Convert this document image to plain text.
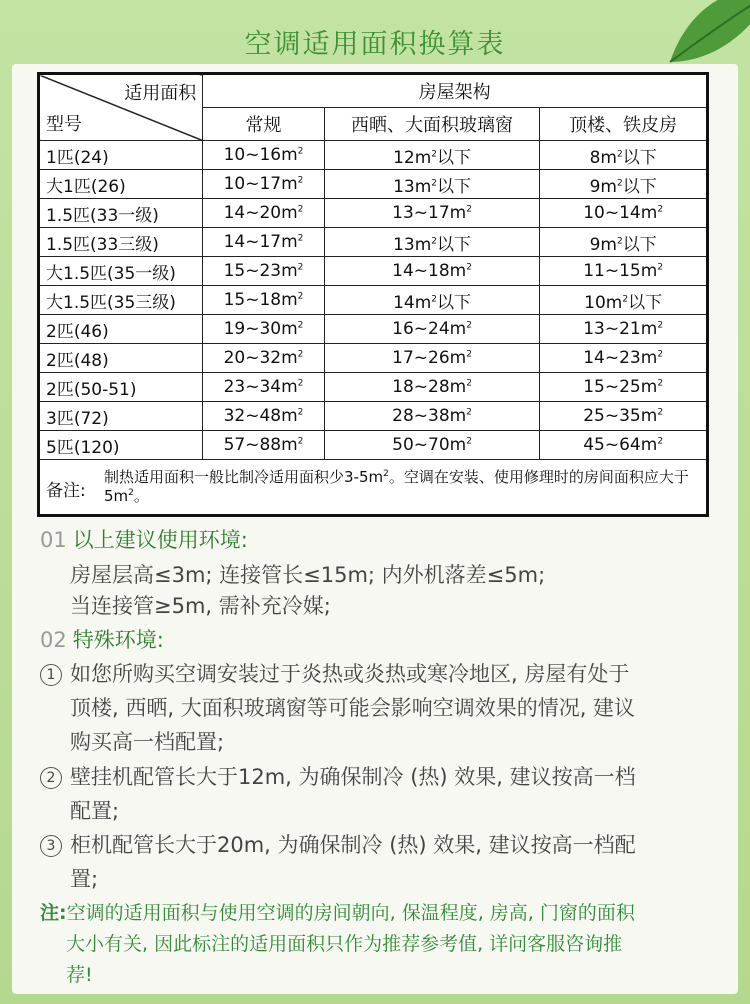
空调适用面积换算表
适用面积
型号	房屋架构		
	常规	西晒、大面积玻璃窗	顶楼、铁皮房
1匹(24)	$10\sim 16m^2$	$12m^2$以下	$8m^2$以下
大1匹(26)	$10\sim 17m^2$	$13m^2$以下	$9m^2$以下
1.5匹(33一级)	$14\sim 20m^2$	$13\sim 17m^2$	$10\sim 14m^2$
1.5匹(33三级)	$14\sim 17m^2$	$13m^2$以下	$9m^2$以下
大1.5匹(35一级)	$15\sim 23m^2$	$14\sim 18m^2$	$11\sim 15m^2$
大1.5匹(35三级)	$15\sim 18m^2$	$14m^2$以下	$10m^2$以下
2匹(46)	$19\sim 30m^2$	$16\sim 24m^2$	$13\sim 21m^2$
2匹(48)	$20\sim 32m^2$	$17\sim 26m^2$	$14\sim 23m^2$
2匹(50-51)	$23\sim 34m^2$	$18\sim 28m^2$	$15\sim 25m^2$
3匹(72)	$32\sim 48m^2$	$28\sim 38m^2$	$25\sim 35m^2$
5匹(120)	$57\sim 88m^2$	$50\sim 70m^2$	$45\sim 64m^2$
备注:制热适用面积一般比制冷适用面积少$3-5m^2$。空调在安装、使用修理时的房间面积应大于$5m^2$。			
01 以上建议使用环境:
房屋层高≤3m; 连接管长≤15m; 内外机落差≤5m;
当连接管≥5m, 需补充冷媒;
02 特殊环境:
1 如您所购买空调安装过于炎热或炎热或寒冷地区, 房屋有处于
顶楼, 西晒, 大面积玻璃窗等可能会影响空调效果的情况, 建议
购买高一档配置;
2 壁挂机配管长大于12m, 为确保制冷 (热) 效果, 建议按高一档
配置;
3 柜机配管长大于20m, 为确保制冷 (热) 效果, 建议按高一档配
置;
注:空调的适用面积与使用空调的房间朝向, 保温程度, 房高, 门窗的面积
大小有关, 因此标注的适用面积只作为推荐参考值, 详问客服咨询推
荐!
